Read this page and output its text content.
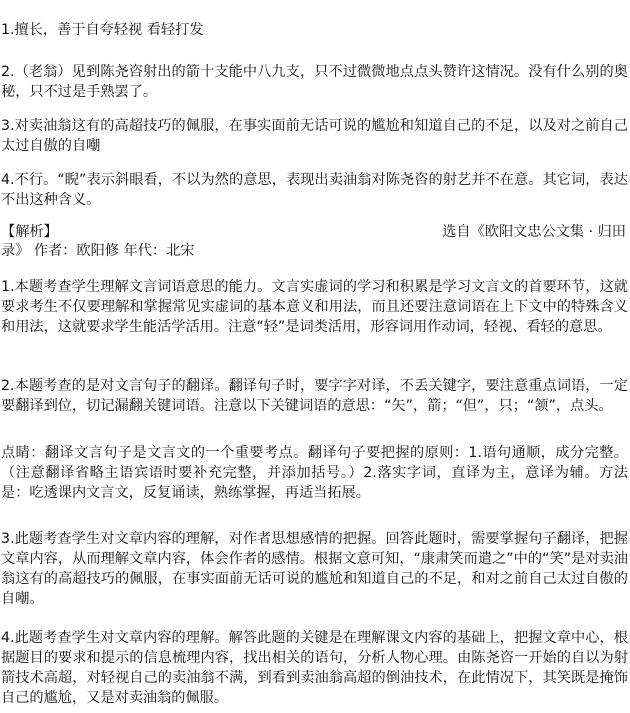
1.擅长，善于自夸轻视 看轻打发

2.（老翁）见到陈尧咨射出的箭十支能中八九支，只不过微微地点点头赞许这情况。没有什么别的奥秘，只不过是手熟罢了。

3.对卖油翁这有的高超技巧的佩服，在事实面前无话可说的尴尬和知道自己的不足，以及对之前自己太过自傲的自嘲

4.不行。“睨”表示斜眼看，不以为然的意思，表现出卖油翁对陈尧咨的射艺并不在意。其它词，表达不出这种含义。

【解析】	选自《欧阳文忠公文集 · 归田
录》 作者：欧阳修 年代：北宋

1.本题考查学生理解文言词语意思的能力。文言实虚词的学习和积累是学习文言文的首要环节，这就要求考生不仅要理解和掌握常见实虚词的基本意义和用法，而且还要注意词语在上下文中的特殊含义和用法，这就要求学生能活学活用。注意“轻”是词类活用，形容词用作动词，轻视、看轻的意思。

2.本题考查的是对文言句子的翻译。翻译句子时，要字字对译，不丢关键字，要注意重点词语，一定要翻译到位，切记漏翻关键词语。注意以下关键词语的意思：“矢”，箭；“但”，只；“颔”，点头。

点睛：翻译文言句子是文言文的一个重要考点。翻译句子要把握的原则：1.语句通顺，成分完整。（注意翻译省略主语宾语时要补充完整，并添加括号。）2.落实字词，直译为主，意译为辅。方法是：吃透课内文言文，反复诵读，熟练掌握，再适当拓展。

3.此题考查学生对文章内容的理解，对作者思想感情的把握。回答此题时，需要掌握句子翻译，把握文章内容，从而理解文章内容，体会作者的感情。根据文意可知，“康肃笑而遣之”中的“笑”是对卖油翁这有的高超技巧的佩服，在事实面前无话可说的尴尬和知道自己的不足，和对之前自己太过自傲的自嘲。

4.此题考查学生对文章内容的理解。解答此题的关键是在理解课文内容的基础上，把握文章中心，根据题目的要求和提示的信息梳理内容，找出相关的语句，分析人物心理。由陈尧咨一开始的自以为射箭技术高超，对轻视自己的卖油翁不满，到看到卖油翁高超的倒油技术，在此情况下，其笑既是掩饰自己的尴尬，又是对卖油翁的佩服。
